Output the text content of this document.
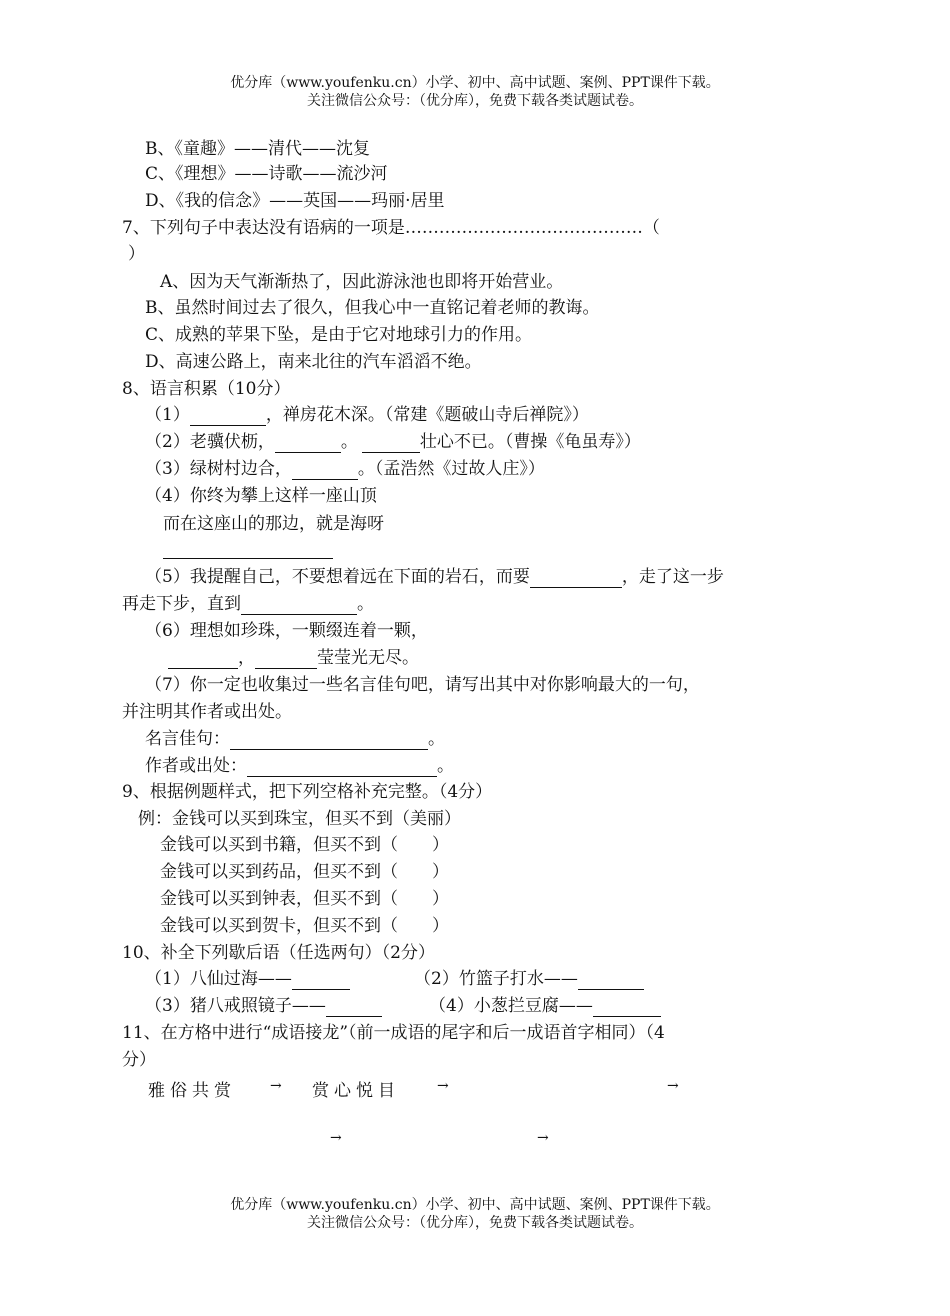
优分库（www.youfenku.cn）小学、初中、高中试题、案例、PPT课件下载。
关注微信公众号：（优分库），免费下载各类试题试卷。
B、《童趣》——清代——沈复
C、《理想》——诗歌——流沙河
D、《我的信念》——英国——玛丽·居里
7、下列句子中表达没有语病的一项是……………………………………（
）
A、因为天气渐渐热了，因此游泳池也即将开始营业。
B、虽然时间过去了很久，但我心中一直铭记着老师的教诲。
C、成熟的苹果下坠，是由于它对地球引力的作用。
D、高速公路上，南来北往的汽车滔滔不绝。
8、语言积累（10分）
（1）	，禅房花木深。（常建《题破山寺后禅院》）
（2）老骥伏枥，	。	壮心不已。（曹操《龟虽寿》）
（3）绿树村边合，	。（孟浩然《过故人庄》）
（4）你终为攀上这样一座山顶
而在这座山的那边，就是海呀
（5）我提醒自己，不要想着远在下面的岩石，而要	，走了这一步
再走下步，直到	。
（6）理想如珍珠，一颗缀连着一颗，
，	莹莹光无尽。
（7）你一定也收集过一些名言佳句吧，请写出其中对你影响最大的一句，
并注明其作者或出处。
名言佳句：	。
作者或出处：	。
9、根据例题样式，把下列空格补充完整。（4分）
例：金钱可以买到珠宝，但买不到（美丽）
金钱可以买到书籍，但买不到（　　）
金钱可以买到药品，但买不到（　　）
金钱可以买到钟表，但买不到（　　）
金钱可以买到贺卡，但买不到（　　）
10、补全下列歇后语（任选两句）（2分）
（1）八仙过海——	（2）竹篮子打水——
（3）猪八戒照镜子——	（4）小葱拦豆腐——
11、在方格中进行“成语接龙”（前一成语的尾字和后一成语首字相同）（4
分）
雅俗共赏 → 赏心悦目	→	→
→	→
优分库（www.youfenku.cn）小学、初中、高中试题、案例、PPT课件下载。
关注微信公众号：（优分库），免费下载各类试题试卷。
